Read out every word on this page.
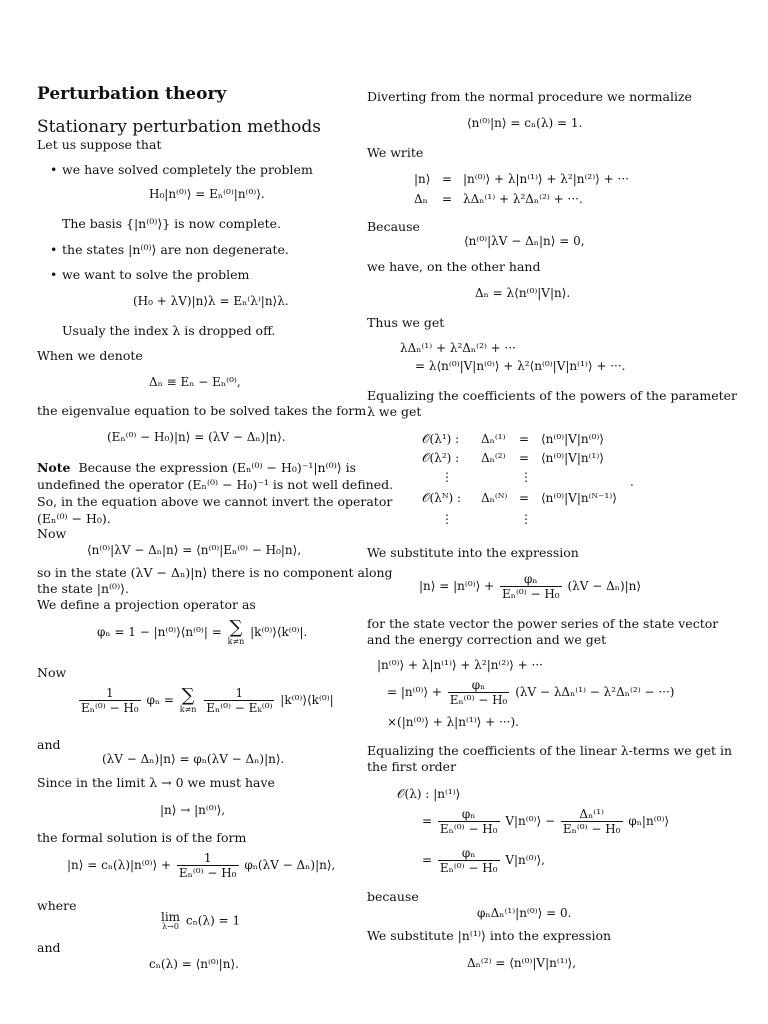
Perturbation theory
Stationary perturbation methods
Let us suppose that
• we have solved completely the problem
H₀|n⁽⁰⁾⟩ = Eₙ⁽⁰⁾|n⁽⁰⁾⟩.
The basis {|n⁽⁰⁾⟩} is now complete.
• the states |n⁽⁰⁾⟩ are non degenerate.
• we want to solve the problem
(H₀ + λV)|n⟩λ = Eₙ⁽λ⁾|n⟩λ.
Usualy the index λ is dropped off.
When we denote
Δₙ ≡ Eₙ − Eₙ⁽⁰⁾,
the eigenvalue equation to be solved takes the form
(Eₙ⁽⁰⁾ − H₀)|n⟩ = (λV − Δₙ)|n⟩.
Note Because the expression (Eₙ⁽⁰⁾ − H₀)⁻¹|n⁽⁰⁾⟩ is
undefined the operator (Eₙ⁽⁰⁾ − H₀)⁻¹ is not well defined.
So, in the equation above we cannot invert the operator
(Eₙ⁽⁰⁾ − H₀).
Now
⟨n⁽⁰⁾|λV − Δₙ|n⟩ = ⟨n⁽⁰⁾|Eₙ⁽⁰⁾ − H₀|n⟩,
so in the state (λV − Δₙ)|n⟩ there is no component along
the state |n⁽⁰⁾⟩.
We define a projection operator as
φₙ = 1 − |n⁽⁰⁾⟩⟨n⁽⁰⁾| = ∑
k≠n
|k⁽⁰⁾⟩⟨k⁽⁰⁾|.
Now
$\frac{1}{\text{Eₙ⁽⁰⁾ − H₀}}$ φₙ = ∑
k≠n
$\frac{1}{\text{Eₙ⁽⁰⁾ − Eₖ⁽⁰⁾}}$ |k⁽⁰⁾⟩⟨k⁽⁰⁾|
and
(λV − Δₙ)|n⟩ = φₙ(λV − Δₙ)|n⟩.
Since in the limit λ → 0 we must have
|n⟩ → |n⁽⁰⁾⟩,
the formal solution is of the form
|n⟩ = cₙ(λ)|n⁽⁰⁾⟩ + $\frac{1}{\text{Eₙ⁽⁰⁾ − H₀}} \varphi_n(\lambda V$ − Δₙ)|n⟩,
where
lim
λ→0 cₙ(λ) = 1
and
cₙ(λ) = ⟨n⁽⁰⁾|n⟩.
Diverting from the normal procedure we normalize
⟨n⁽⁰⁾|n⟩ = cₙ(λ) = 1.
We write
|n⟩ = |n⁽⁰⁾⟩ + λ|n⁽¹⁾⟩ + λ²|n⁽²⁾⟩ + ···
Δₙ = λΔₙ⁽¹⁾ + λ²Δₙ⁽²⁾ + ···.
Because
⟨n⁽⁰⁾|λV − Δₙ|n⟩ = 0,
we have, on the other hand
Δₙ = λ⟨n⁽⁰⁾|V|n⟩.
Thus we get
λΔₙ⁽¹⁾ + λ²Δₙ⁽²⁾ + ···
= λ⟨n⁽⁰⁾|V|n⁽⁰⁾⟩ + λ²⟨n⁽⁰⁾|V|n⁽¹⁾⟩ + ···.
Equalizing the coefficients of the powers of the parameter
λ we get
𝒪(λ¹) : Δₙ⁽¹⁾ = ⟨n⁽⁰⁾|V|n⁽⁰⁾⟩
𝒪(λ²) : Δₙ⁽²⁾ = ⟨n⁽⁰⁾|V|n⁽¹⁾⟩
⋮	⋮	.
𝒪(λᴺ) : Δₙ⁽ᴺ⁾ = ⟨n⁽⁰⁾|V|n⁽ᴺ⁻¹⁾⟩
⋮	⋮
We substitute into the expression
|n⟩ = |n⁽⁰⁾⟩ + $\frac{\text{φₙ}}{\text{Eₙ⁽⁰⁾ − H₀}} (\lambda V$ − Δₙ)|n⟩
for the state vector the power series of the state vector
and the energy correction and we get
|n⁽⁰⁾⟩ + λ|n⁽¹⁾⟩ + λ²|n⁽²⁾⟩ + ···
= |n⁽⁰⁾⟩ + $\frac{\text{φₙ}}{\text{Eₙ⁽⁰⁾ − H₀}} (\lambda V - \lambda\Delta_n^{(1)} - \lambda^2\Delta_n^{(2)}$ − ···)
×(|n⁽⁰⁾⟩ + λ|n⁽¹⁾⟩ + ···).
Equalizing the coefficients of the linear λ-terms we get in
the first order
𝒪(λ) : |n⁽¹⁾⟩
= $\frac{\text{φₙ}}{\text{Eₙ⁽⁰⁾ − H₀}}$ V|n⁽⁰⁾⟩ − $\frac{\text{Δₙ⁽¹⁾}}{\text{Eₙ⁽⁰⁾ − H₀}}$ φₙ|n⁽⁰⁾⟩
= $\frac{\text{φₙ}}{\text{Eₙ⁽⁰⁾ − H₀}}$ V|n⁽⁰⁾⟩,
because
φₙΔₙ⁽¹⁾|n⁽⁰⁾⟩ = 0.
We substitute |n⁽¹⁾⟩ into the expression
Δₙ⁽²⁾ = ⟨n⁽⁰⁾|V|n⁽¹⁾⟩,
